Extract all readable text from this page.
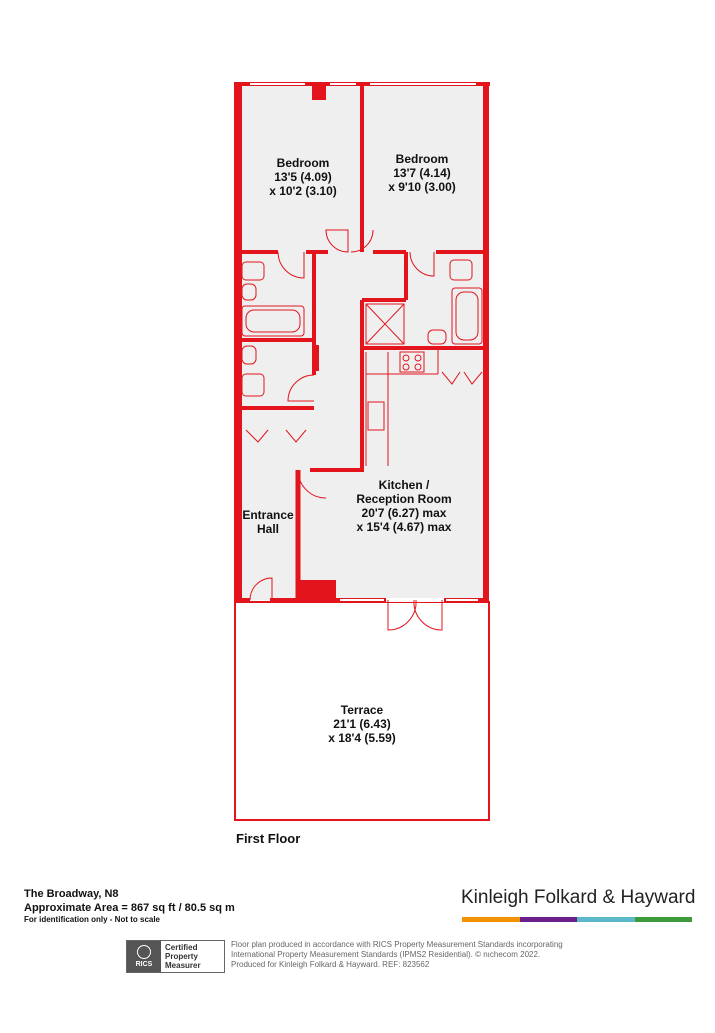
Bedroom
13'5 (4.09)
x 10'2 (3.10)
Bedroom
13'7 (4.14)
x 9'10 (3.00)
Kitchen /
Reception Room
20'7 (6.27) max
x 15'4 (4.67) max
Entrance
Hall
Terrace
21'1 (6.43)
x 18'4 (5.59)
First Floor
The Broadway, N8
Approximate Area = 867 sq ft / 80.5 sq m
For identification only - Not to scale
Kinleigh Folkard & Hayward
RICS
Certified
Property
Measurer
Floor plan produced in accordance with RICS Property Measurement Standards incorporating
International Property Measurement Standards (IPMS2 Residential). © nıchecom 2022.
Produced for Kinleigh Folkard & Hayward. REF: 823562
